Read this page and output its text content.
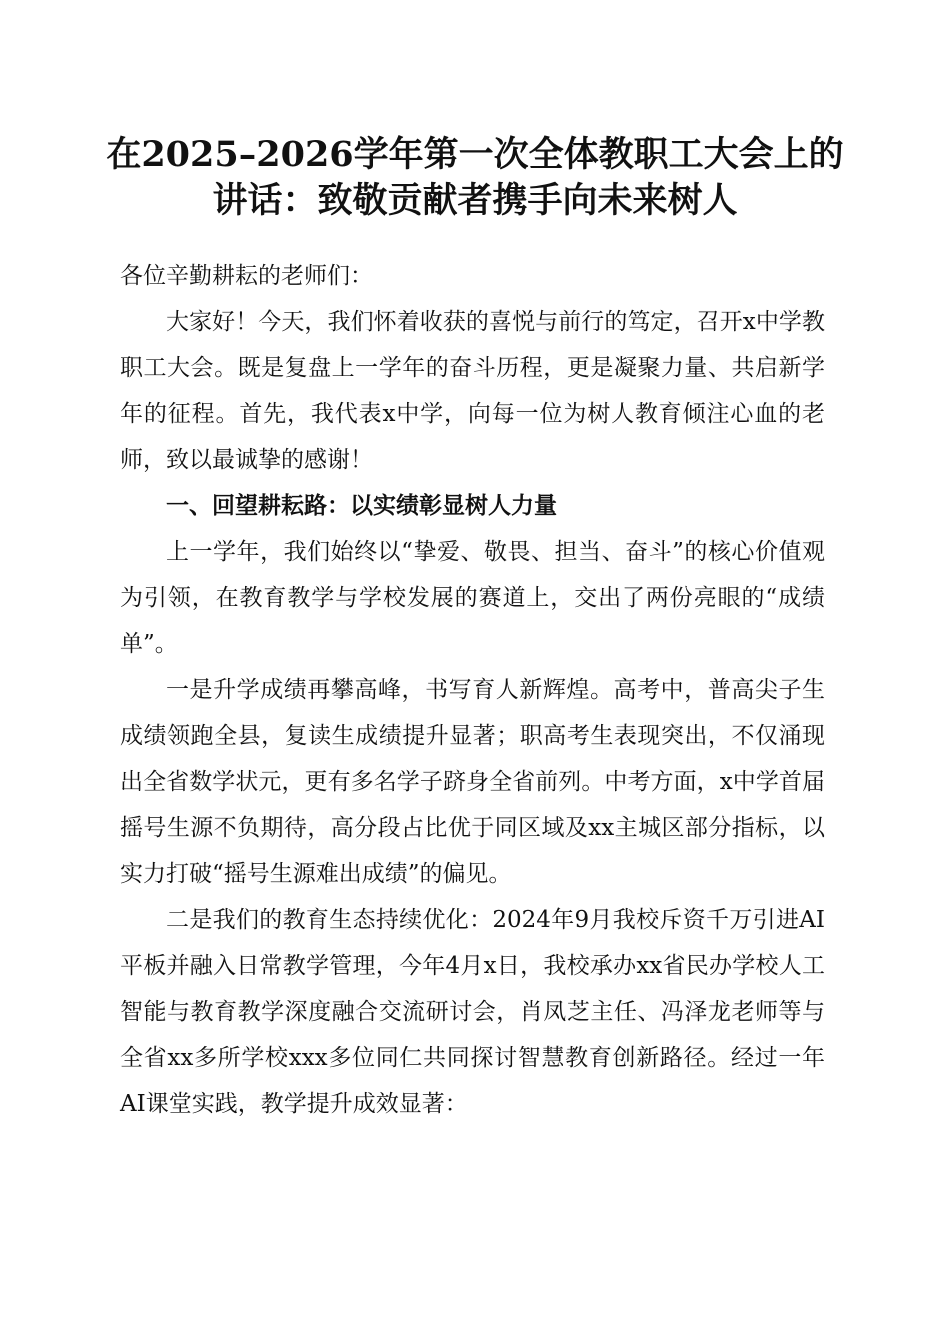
在2025–2026学年第一次全体教职工大会上的
讲话：致敬贡献者携手向未来树人

各位辛勤耕耘的老师们：

大家好！今天，我们怀着收获的喜悦与前行的笃定，召开x中学教职工大会。既是复盘上一学年的奋斗历程，更是凝聚力量、共启新学年的征程。首先，我代表x中学，向每一位为树人教育倾注心血的老师，致以最诚挚的感谢！

一、回望耕耘路：以实绩彰显树人力量

上一学年，我们始终以“挚爱、敬畏、担当、奋斗”的核心价值观为引领，在教育教学与学校发展的赛道上，交出了两份亮眼的“成绩单”。

一是升学成绩再攀高峰，书写育人新辉煌。高考中，普高尖子生成绩领跑全县，复读生成绩提升显著；职高考生表现突出，不仅涌现出全省数学状元，更有多名学子跻身全省前列。中考方面，x中学首届摇号生源不负期待，高分段占比优于同区域及xx主城区部分指标，以实力打破“摇号生源难出成绩”的偏见。

二是我们的教育生态持续优化：2024年9月我校斥资千万引进AI平板并融入日常教学管理，今年4月x日，我校承办xx省民办学校人工智能与教育教学深度融合交流研讨会，肖凤芝主任、冯泽龙老师等与全省xx多所学校xxx多位同仁共同探讨智慧教育创新路径。经过一年AI课堂实践，教学提升成效显著：
